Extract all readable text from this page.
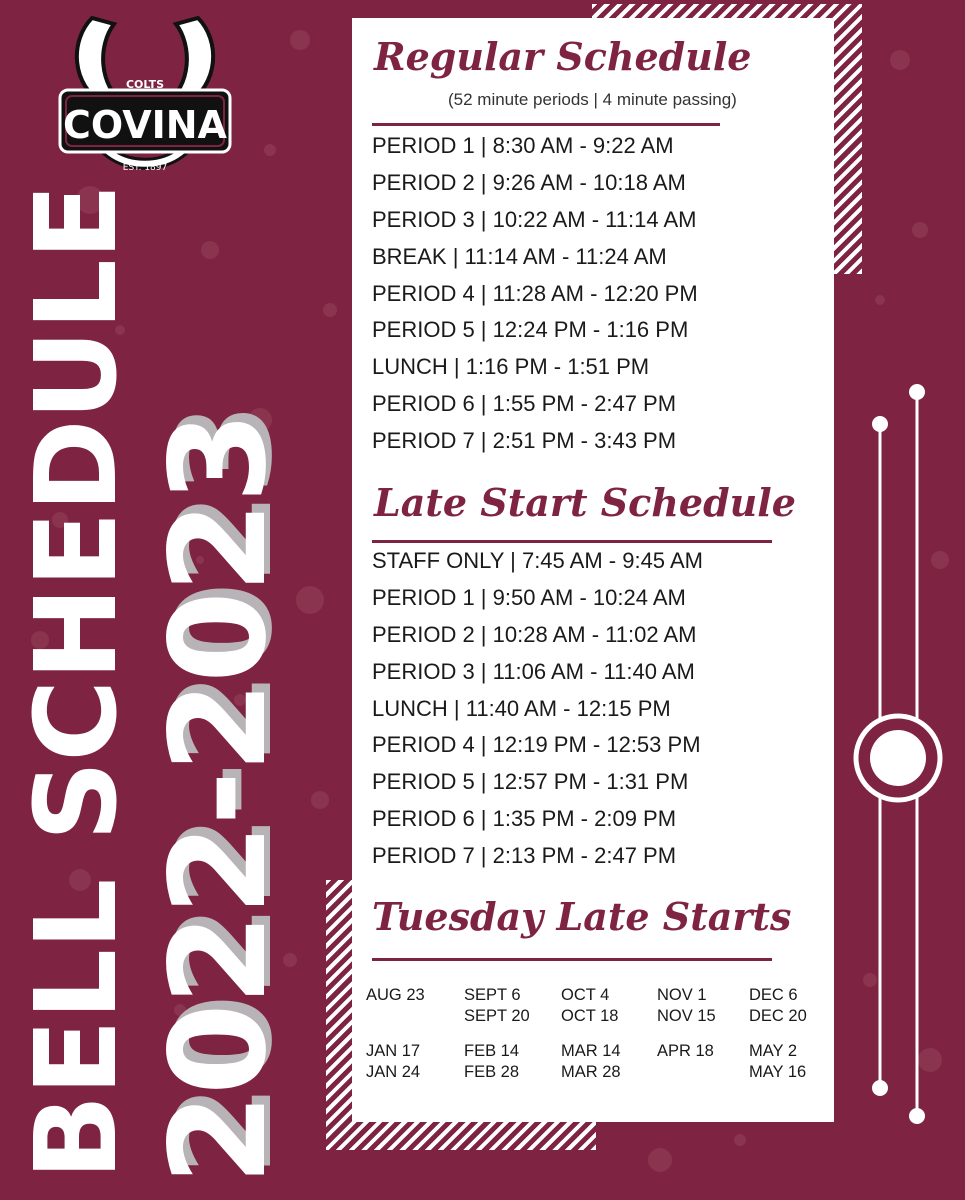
COLTS
COVINA
EST. 1897
BELL SCHEDULE 2022-2023
Regular Schedule
(52 minute periods | 4 minute passing)
PERIOD 1 | 8:30 AM - 9:22 AM
PERIOD 2 | 9:26 AM - 10:18 AM
PERIOD 3 | 10:22 AM - 11:14 AM
BREAK | 11:14 AM - 11:24 AM
PERIOD 4 | 11:28 AM - 12:20 PM
PERIOD 5 | 12:24 PM - 1:16 PM
LUNCH | 1:16 PM - 1:51 PM
PERIOD 6 | 1:55 PM - 2:47 PM
PERIOD 7 | 2:51 PM - 3:43 PM
Late Start Schedule
STAFF ONLY | 7:45 AM - 9:45 AM
PERIOD 1 | 9:50 AM - 10:24 AM
PERIOD 2 | 10:28 AM - 11:02 AM
PERIOD 3 | 11:06 AM - 11:40 AM
LUNCH | 11:40 AM - 12:15 PM
PERIOD 4 | 12:19 PM - 12:53 PM
PERIOD 5 | 12:57 PM - 1:31 PM
PERIOD 6 | 1:35 PM - 2:09 PM
PERIOD 7 | 2:13 PM - 2:47 PM
Tuesday Late Starts
AUG 23
JAN 17
JAN 24
SEPT 6
SEPT 20
FEB 14
FEB 28
OCT 4
OCT 18
MAR 14
MAR 28
NOV 1
NOV 15
APR 18
DEC 6
DEC 20
MAY 2
MAY 16
